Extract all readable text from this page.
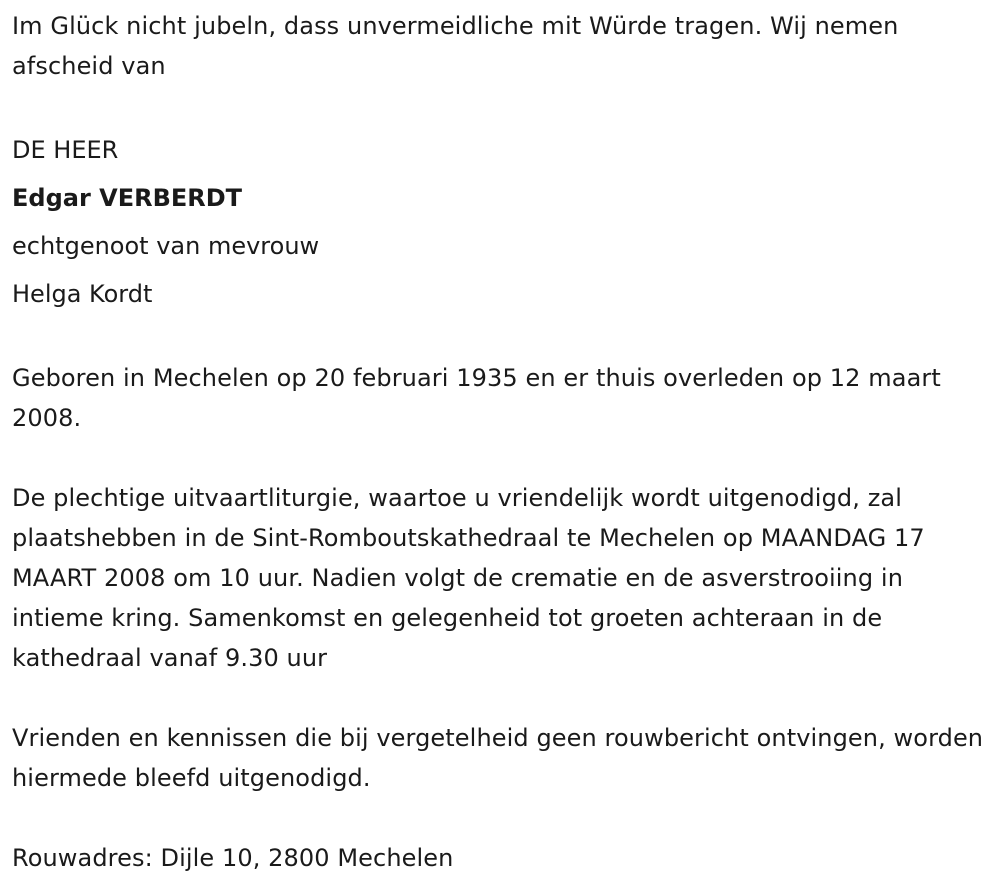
Im Glück nicht jubeln, dass unvermeidliche mit Würde tragen. Wij nemen afscheid van

DE HEER

Edgar VERBERDT

echtgenoot van mevrouw

Helga Kordt

Geboren in Mechelen op 20 februari 1935 en er thuis overleden op 12 maart 2008.

De plechtige uitvaartliturgie, waartoe u vriendelijk wordt uitgenodigd, zal plaatshebben in de Sint-Romboutskathedraal te Mechelen op MAANDAG 17 MAART 2008 om 10 uur. Nadien volgt de crematie en de asverstrooiing in intieme kring. Samenkomst en gelegenheid tot groeten achteraan in de kathedraal vanaf 9.30 uur

Vrienden en kennissen die bij vergetelheid geen rouwbericht ontvingen, worden hiermede bleefd uitgenodigd.

Rouwadres: Dijle 10, 2800 Mechelen
